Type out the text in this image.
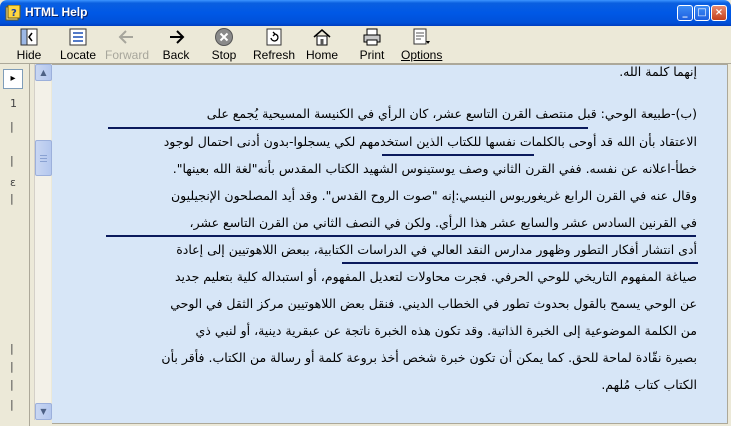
? HTML Help	_ □ ×
Hide	Locate Forward Back	Stop	Refresh Home Print Options
▸
1
|
|
ε
|
|
|
|
|
▲
▼
إنهما كلمة الله.
(ب)-طبيعة الوحي: قبل منتصف القرن التاسع عشر، كان الرأي في الكنيسة المسيحية يُجمع على
الاعتقاد بأن الله قد أوحى بالكلمات نفسها للكتاب الذين استخدمهم لكي يسجلوا-بدون أدنى احتمال لوجود
خطأ-اعلانه عن نفسه. ففي القرن الثاني وصف يوستينوس الشهيد الكتاب المقدس بأنه"لغة الله بعينها".
وقال عنه في القرن الرابع غريغوريوس النيسي:إنه "صوت الروح القدس". وقد أيد المصلحون الإنجيليون
في القرنين السادس عشر والسابع عشر هذا الرأي. ولكن في النصف الثاني من القرن التاسع عشر،
أدى انتشار أفكار التطور وظهور مدارس النقد العالي في الدراسات الكتابية، ببعض اللاهوتيين إلى إعادة
صياغة المفهوم التاريخي للوحي الحرفي. فجرت محاولات لتعديل المفهوم، أو استبداله كلية بتعليم جديد
عن الوحي يسمح بالقول بحدوث تطور في الخطاب الديني. فنقل بعض اللاهوتيين مركز الثقل في الوحي
من الكلمة الموضوعية إلى الخبرة الذاتية. وقد تكون هذه الخبرة ناتجة عن عبقرية دينية، أو لنبي ذي
بصيرة نقّادة لماحة للحق. كما يمكن أن تكون خبرة شخص أخذ بروعة كلمة أو رسالة من الكتاب. فأقر بأن
الكتاب كتاب مُلهم.
